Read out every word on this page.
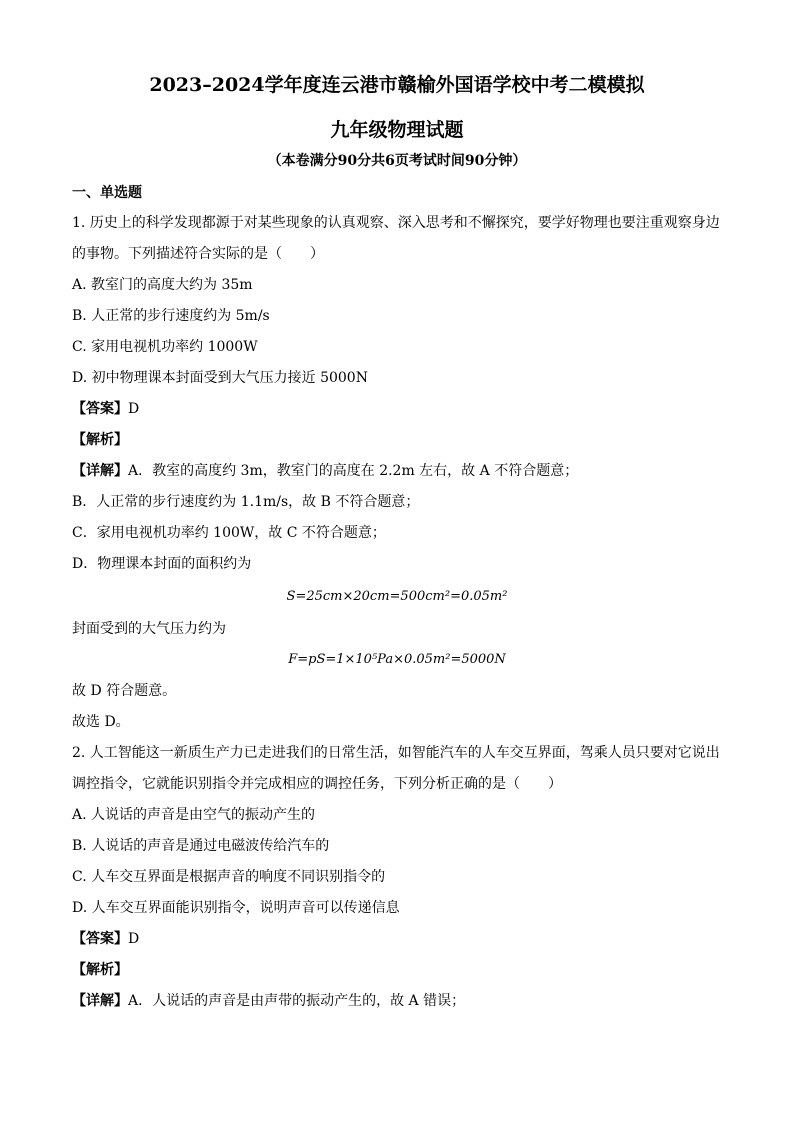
2023–2024学年度连云港市赣榆外国语学校中考二模模拟
九年级物理试题
（本卷满分90分共6页考试时间90分钟）
一、单选题
1. 历史上的科学发现都源于对某些现象的认真观察、深入思考和不懈探究，要学好物理也要注重观察身边
的事物。下列描述符合实际的是（　　）
A. 教室门的高度大约为 35m
B. 人正常的步行速度约为 5m/s
C. 家用电视机功率约 1000W
D. 初中物理课本封面受到大气压力接近 5000N
【答案】D
【解析】
【详解】A．教室的高度约 3m，教室门的高度在 2.2m 左右，故 A 不符合题意；
B．人正常的步行速度约为 1.1m/s，故 B 不符合题意；
C．家用电视机功率约 100W，故 C 不符合题意；
D．物理课本封面的面积约为
S=25cm×20cm=500cm²=0.05m²
封面受到的大气压力约为
F=pS=1×10⁵Pa×0.05m²=5000N
故 D 符合题意。
故选 D。
2. 人工智能这一新质生产力已走进我们的日常生活，如智能汽车的人车交互界面，驾乘人员只要对它说出
调控指令，它就能识别指令并完成相应的调控任务，下列分析正确的是（　　）
A. 人说话的声音是由空气的振动产生的
B. 人说话的声音是通过电磁波传给汽车的
C. 人车交互界面是根据声音的响度不同识别指令的
D. 人车交互界面能识别指令，说明声音可以传递信息
【答案】D
【解析】
【详解】A．人说话的声音是由声带的振动产生的，故 A 错误；
